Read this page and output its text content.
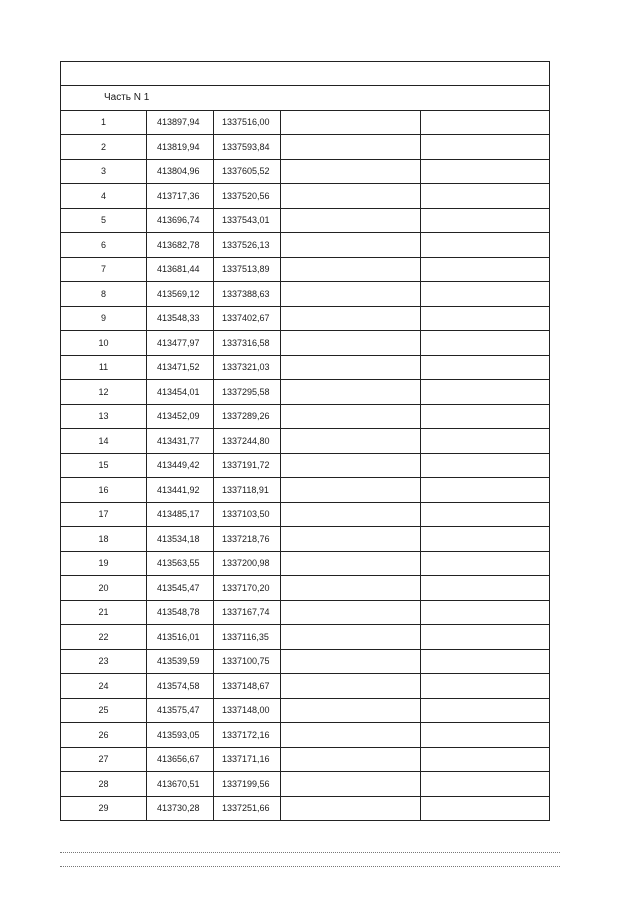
Часть N 1				
1	413897,94	1337516,00		
2	413819,94	1337593,84		
3	413804,96	1337605,52		
4	413717,36	1337520,56		
5	413696,74	1337543,01		
6	413682,78	1337526,13		
7	413681,44	1337513,89		
8	413569,12	1337388,63		
9	413548,33	1337402,67		
10	413477,97	1337316,58		
11	413471,52	1337321,03		
12	413454,01	1337295,58		
13	413452,09	1337289,26		
14	413431,77	1337244,80		
15	413449,42	1337191,72		
16	413441,92	1337118,91		
17	413485,17	1337103,50		
18	413534,18	1337218,76		
19	413563,55	1337200,98		
20	413545,47	1337170,20		
21	413548,78	1337167,74		
22	413516,01	1337116,35		
23	413539,59	1337100,75		
24	413574,58	1337148,67		
25	413575,47	1337148,00		
26	413593,05	1337172,16		
27	413656,67	1337171,16		
28	413670,51	1337199,56		
29	413730,28	1337251,66		
